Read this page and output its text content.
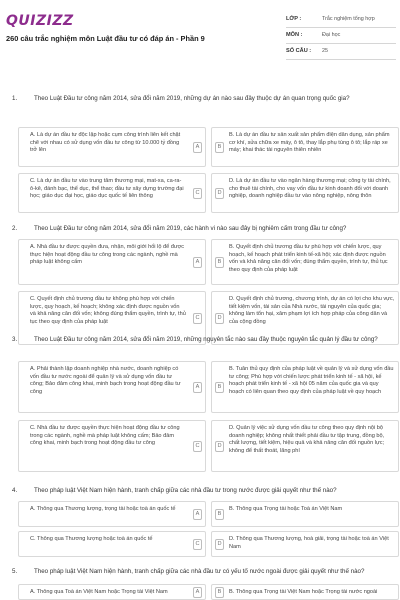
QUIZIZZ
260 câu trắc nghiệm môn Luật đầu tư có đáp án - Phần 9
LỚP :	Trắc nghiệm tổng hợp
MÔN :	Đại học
SỐ CÂU :	25
1.	Theo Luật Đầu tư công năm 2014, sửa đổi năm 2019, những dự án nào sau đây thuộc dự án quan trọng quốc gia?
A. Là dự án đầu tư độc lập hoặc cụm công trình liên kết chặt chẽ với nhau có sử dụng vốn đầu tư công từ 10.000 tỷ đồng trở lên
A	B
B. Là dự án đầu tư sản xuất sản phẩm điện dân dụng, sản phẩm cơ khí, sửa chữa xe máy, ô tô, thay lắp phụ tùng ô tô; lắp ráp xe máy; khai thác tài nguyên thiên nhiên
C. Là dự án đầu tư vào trung tâm thương mại, mat-xa, ca-ra-ô-kê, đánh bạc, thể dục, thể thao; đầu tư xây dựng trường đại học; giáo dục đại học, giáo dục quốc tế liên thông
C	D
D. Là dự án đầu tư vào ngân hàng thương mại; công ty tài chính, cho thuê tài chính, cho vay vốn đầu tư kinh doanh đối với doanh nghiệp, doanh nghiệp đầu tư vào nông nghiệp, nông thôn
2.	Theo Luật Đầu tư công năm 2014, sửa đổi năm 2019, các hành vi nào sau đây bị nghiêm cấm trong đầu tư công?
A. Nhà đầu tư được quyền đưa, nhận, môi giới hối lộ để được thực hiện hoạt động đầu tư công trong các ngành, nghề mà pháp luật không cấm	A	B
B. Quyết định chủ trương đầu tư phù hợp với chiến lược, quy hoạch, kế hoạch phát triển kinh tế-xã hội; xác định được nguồn vốn và khả năng cân đối vốn; đúng thẩm quyền, trình tự, thủ tục theo quy định của pháp luật
C. Quyết định chủ trương đầu tư không phù hợp với chiến lược, quy hoạch, kế hoạch; không xác định được nguồn vốn và khả năng cân đối vốn; không đúng thẩm quyền, trình tự, thủ tục theo quy định của pháp luật
C	D
D. Quyết định chủ trương, chương trình, dự án có lợi cho khu vực, tiết kiệm vốn, tài sản của Nhà nước, tài nguyên của quốc gia; không làm tổn hại, xâm phạm lợi ích hợp pháp của công dân và của cộng đồng
3.	Theo Luật Đầu tư công năm 2014, sửa đổi năm 2019, những nguyên tắc nào sau đây thuộc nguyên tắc quản lý đầu tư công?
A. Phải thành lập doanh nghiệp nhà nước, doanh nghiệp có vốn đầu tư nước ngoài để quản lý và sử dụng vốn đầu tư công; Bảo đảm công khai, minh bạch trong hoạt động đầu tư công
A	B
B. Tuân thủ quy định của pháp luật về quản lý và sử dụng vốn đầu tư công; Phù hợp với chiến lược phát triển kinh tế - xã hội, kế hoạch phát triển kinh tế - xã hội 05 năm của quốc gia và quy hoạch có liên quan theo quy định của pháp luật về quy hoạch
C. Nhà đầu tư được quyền thực hiện hoạt động đầu tư công trong các ngành, nghề mà pháp luật không cấm; Bảo đảm công khai, minh bạch trong hoạt động đầu tư công	C	D
D. Quản lý việc sử dụng vốn đầu tư công theo quy định nội bộ doanh nghiệp; không nhất thiết phải đầu tư tập trung, đồng bộ, chất lượng, tiết kiệm, hiệu quả và khả năng cân đối nguồn lực; không để thất thoát, lãng phí
4.	Theo pháp luật Việt Nam hiện hành, tranh chấp giữa các nhà đầu tư trong nước được giải quyết như thế nào?
A. Thông qua Thương lượng, trọng tài hoặc toà án quốc tế
A	B
B. Thông qua Trọng tài hoặc Toà án Việt Nam
C. Thông qua Thương lượng hoặc toà án quốc tế
C	D
D. Thông qua Thương lượng, hoà giải, trọng tài hoặc toà án Việt Nam
5.	Theo pháp luật Việt Nam hiện hành, tranh chấp giữa các nhà đầu tư có yếu tố nước ngoài được giải quyết như thế nào?
A. Thông qua Toà án Việt Nam hoặc Trọng tài Việt Nam	A	B	B. Thông qua Trọng tài Việt Nam hoặc Trọng tài nước ngoài
